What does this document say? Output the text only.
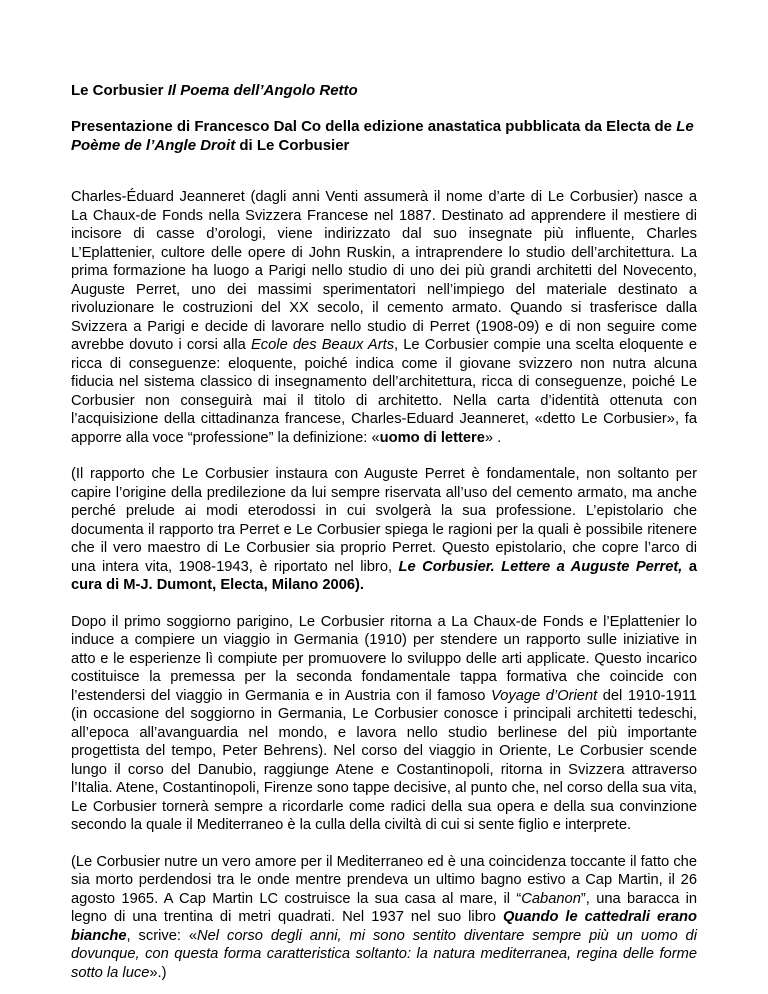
Le Corbusier Il Poema dell’Angolo Retto
Presentazione di Francesco Dal Co della edizione anastatica pubblicata da Electa de Le Poème de l’Angle Droit di Le Corbusier

Charles-Éduard Jeanneret (dagli anni Venti assumerà il nome d’arte di Le Corbusier) nasce a La Chaux-de Fonds nella Svizzera Francese nel 1887. Destinato ad apprendere il mestiere di incisore di casse d’orologi, viene indirizzato dal suo insegnate più influente, Charles L’Eplattenier, cultore delle opere di John Ruskin, a intraprendere lo studio dell’architettura. La prima formazione ha luogo a Parigi nello studio di uno dei più grandi architetti del Novecento, Auguste Perret, uno dei massimi sperimentatori nell’impiego del materiale destinato a rivoluzionare le costruzioni del XX secolo, il cemento armato. Quando si trasferisce dalla Svizzera a Parigi e decide di lavorare nello studio di Perret (1908-09) e di non seguire come avrebbe dovuto i corsi alla Ecole des Beaux Arts, Le Corbusier compie una scelta eloquente e ricca di conseguenze: eloquente, poiché indica come il giovane svizzero non nutra alcuna fiducia nel sistema classico di insegnamento dell’architettura, ricca di conseguenze, poiché Le Corbusier non conseguirà mai il titolo di architetto. Nella carta d’identità ottenuta con l’acquisizione della cittadinanza francese, Charles-Eduard Jeanneret, «detto Le Corbusier», fa apporre alla voce “professione” la definizione: «uomo di lettere» .

(Il rapporto che Le Corbusier instaura con Auguste Perret è fondamentale, non soltanto per capire l’origine della predilezione da lui sempre riservata all’uso del cemento armato, ma anche perché prelude ai modi eterodossi in cui svolgerà la sua professione. L’epistolario che documenta il rapporto tra Perret e Le Corbusier spiega le ragioni per la quali è possibile ritenere che il vero maestro di Le Corbusier sia proprio Perret. Questo epistolario, che copre l’arco di una intera vita, 1908-1943, è riportato nel libro, Le Corbusier. Lettere a Auguste Perret, a cura di M-J. Dumont, Electa, Milano 2006).

Dopo il primo soggiorno parigino, Le Corbusier ritorna a La Chaux-de Fonds e l’Eplattenier lo induce a compiere un viaggio in Germania (1910) per stendere un rapporto sulle iniziative in atto e le esperienze lì compiute per promuovere lo sviluppo delle arti applicate. Questo incarico costituisce la premessa per la seconda fondamentale tappa formativa che coincide con l’estendersi del viaggio in Germania e in Austria con il famoso Voyage d’Orient del 1910-1911 (in occasione del soggiorno in Germania, Le Corbusier conosce i principali architetti tedeschi, all’epoca all’avanguardia nel mondo, e lavora nello studio berlinese del più importante progettista del tempo, Peter Behrens). Nel corso del viaggio in Oriente, Le Corbusier scende lungo il corso del Danubio, raggiunge Atene e Costantinopoli, ritorna in Svizzera attraverso l’Italia. Atene, Costantinopoli, Firenze sono tappe decisive, al punto che, nel corso della sua vita, Le Corbusier tornerà sempre a ricordarle come radici della sua opera e della sua convinzione secondo la quale il Mediterraneo è la culla della civiltà di cui si sente figlio e interprete.

(Le Corbusier nutre un vero amore per il Mediterraneo ed è una coincidenza toccante il fatto che sia morto perdendosi tra le onde mentre prendeva un ultimo bagno estivo a Cap Martin, il 26 agosto 1965. A Cap Martin LC costruisce la sua casa al mare, il “Cabanon”, una baracca in legno di una trentina di metri quadrati. Nel 1937 nel suo libro Quando le cattedrali erano bianche, scrive: «Nel corso degli anni, mi sono sentito diventare sempre più un uomo di dovunque, con questa forma caratteristica soltanto: la natura mediterranea, regina delle forme sotto la luce».)
